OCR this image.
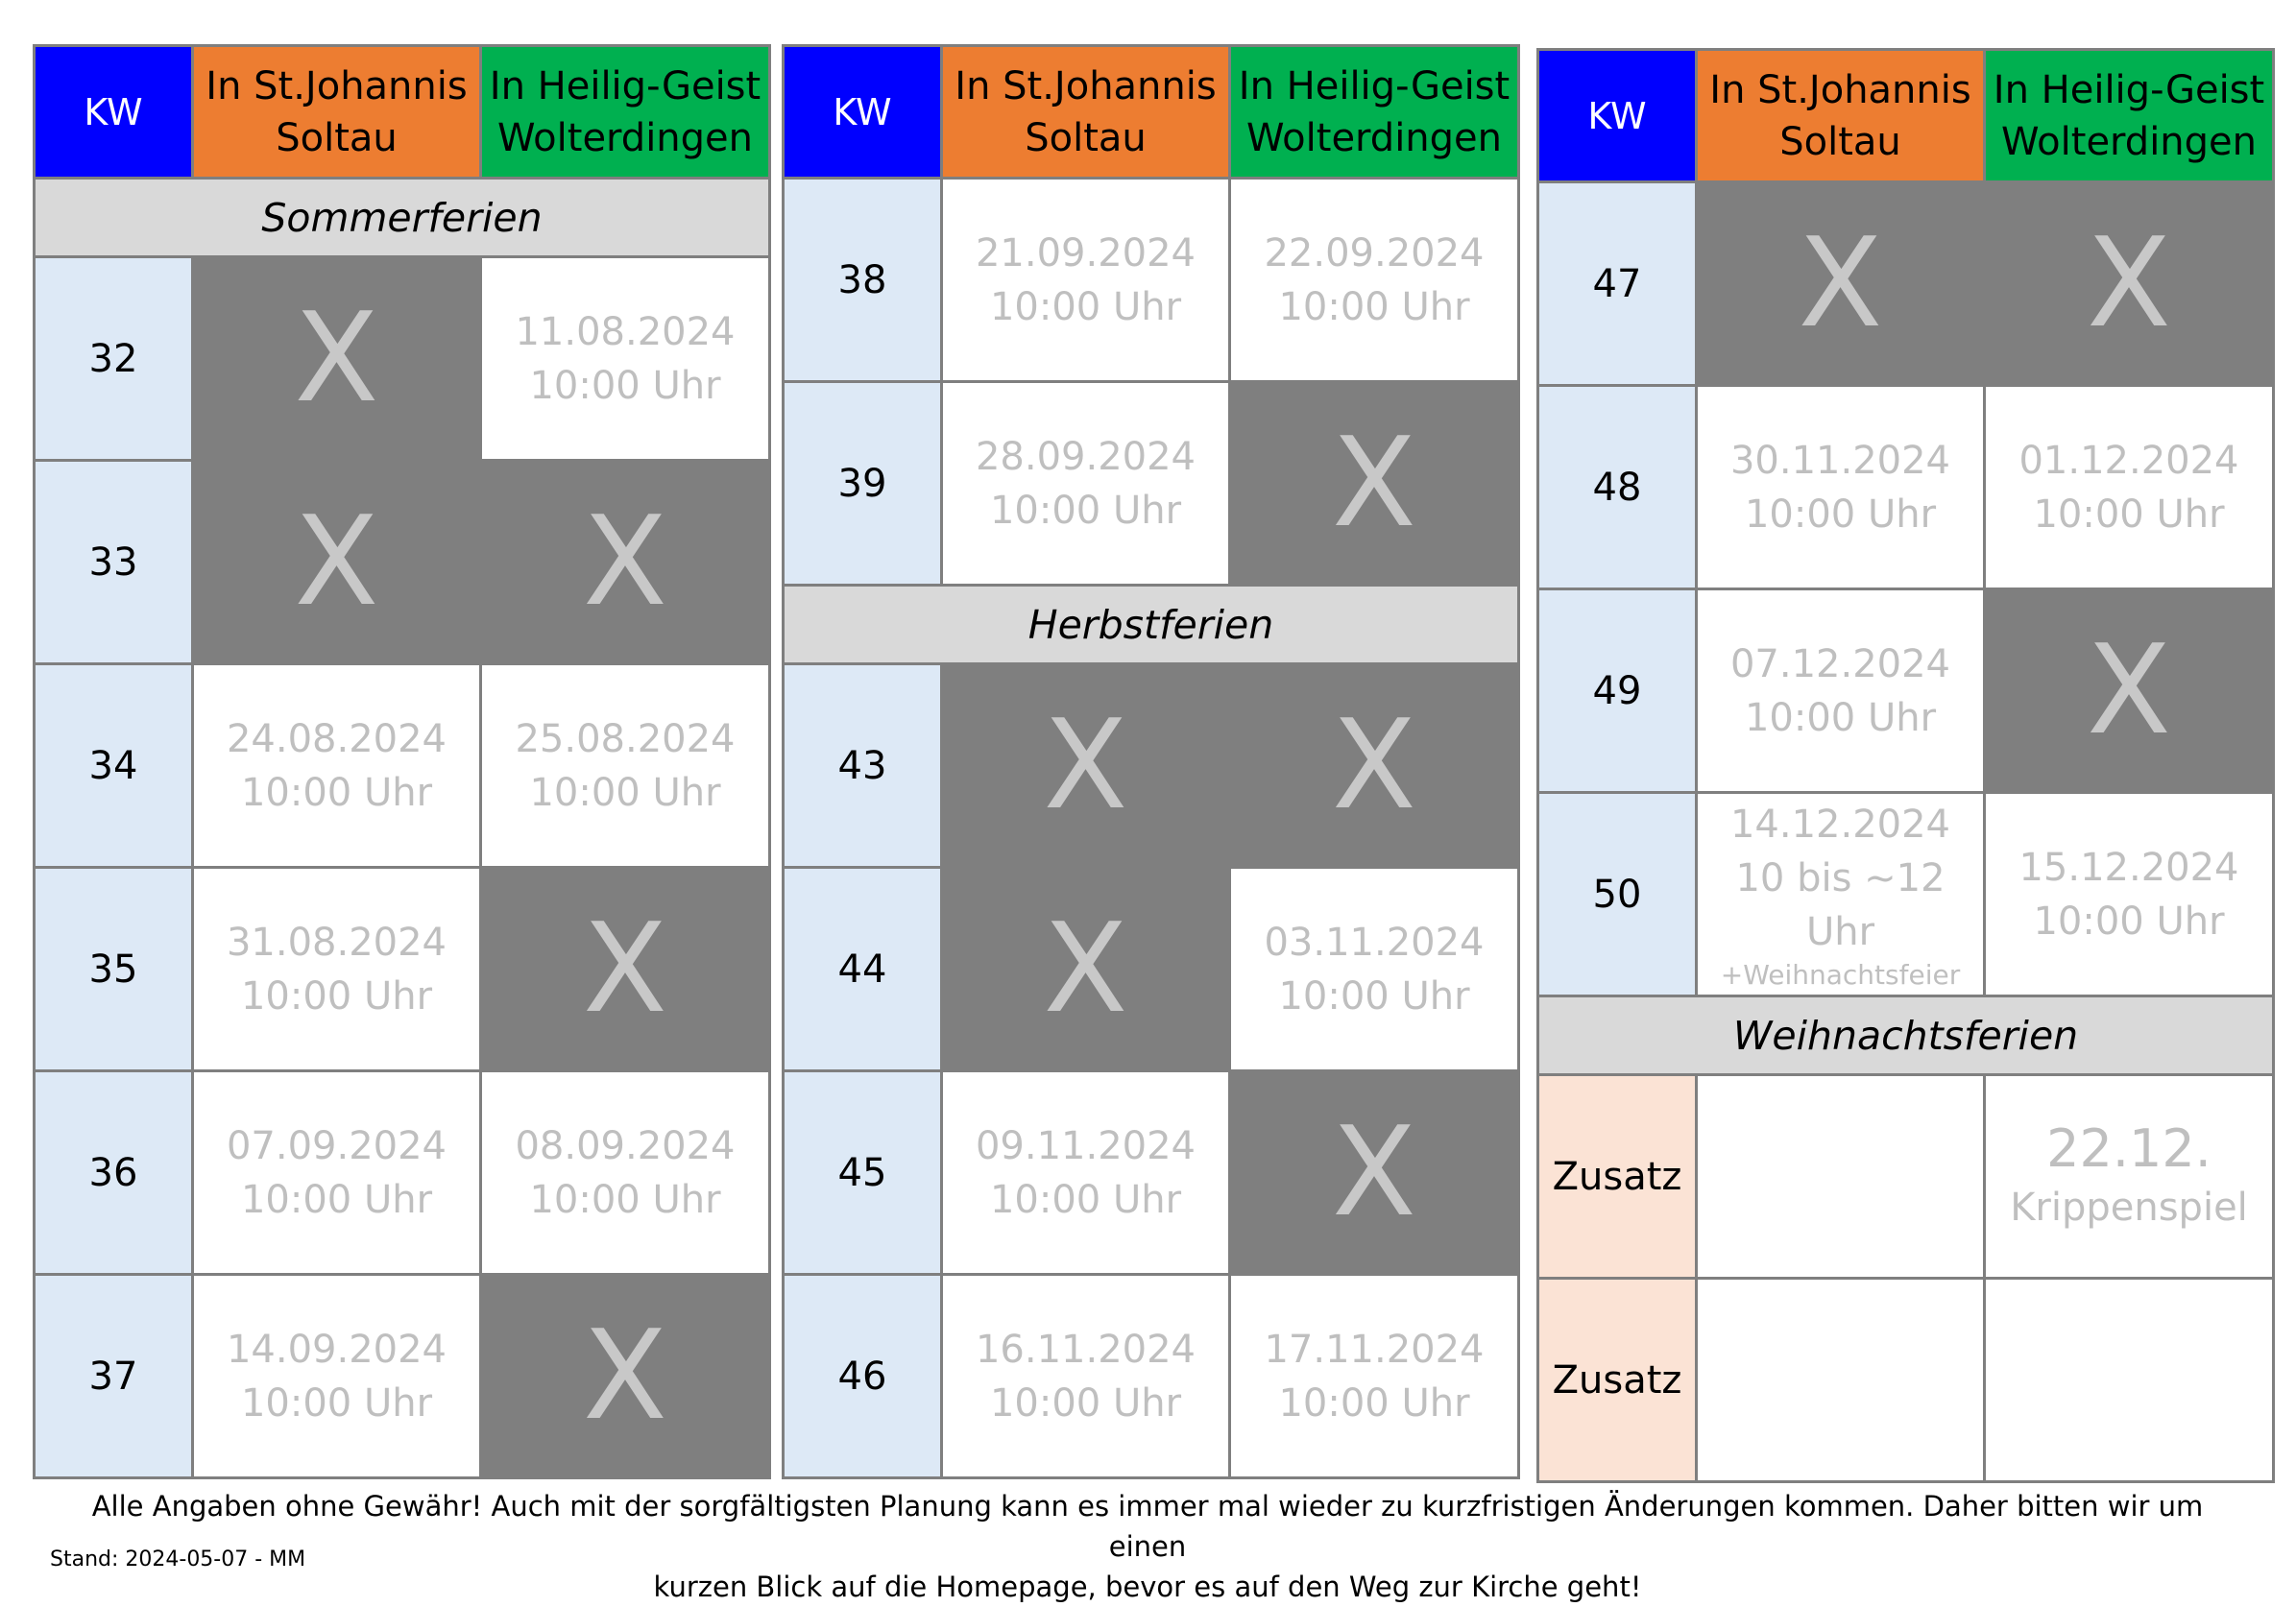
KW	In St.Johannis
Soltau	In Heilig-Geist
Wolterdingen
Sommerferien		
32	X	11.08.2024
10:00 Uhr
33	X	X
34	24.08.2024
10:00 Uhr	25.08.2024
10:00 Uhr
35	31.08.2024
10:00 Uhr	X
36	07.09.2024
10:00 Uhr	08.09.2024
10:00 Uhr
37	14.09.2024
10:00 Uhr	X
KW	In St.Johannis
Soltau	In Heilig-Geist
Wolterdingen
38	21.09.2024
10:00 Uhr	22.09.2024
10:00 Uhr
39	28.09.2024
10:00 Uhr	X
Herbstferien		
43	X	X
44	X	03.11.2024
10:00 Uhr
45	09.11.2024
10:00 Uhr	X
46	16.11.2024
10:00 Uhr	17.11.2024
10:00 Uhr
KW	In St.Johannis
Soltau	In Heilig-Geist
Wolterdingen
47	X	X
48	30.11.2024
10:00 Uhr	01.12.2024
10:00 Uhr
49	07.12.2024
10:00 Uhr	X
50	14.12.2024
10 bis ~12 Uhr
+Weihnachtsfeier	15.12.2024
10:00 Uhr
Weihnachtsferien		
Zusatz		22.12.
Krippenspiel
Zusatz		
Alle Angaben ohne Gewähr! Auch mit der sorgfältigsten Planung kann es immer mal wieder zu kurzfristigen Änderungen kommen. Daher bitten wir um einen
kurzen Blick auf die Homepage, bevor es auf den Weg zur Kirche geht!
Stand: 2024-05-07 - MM
